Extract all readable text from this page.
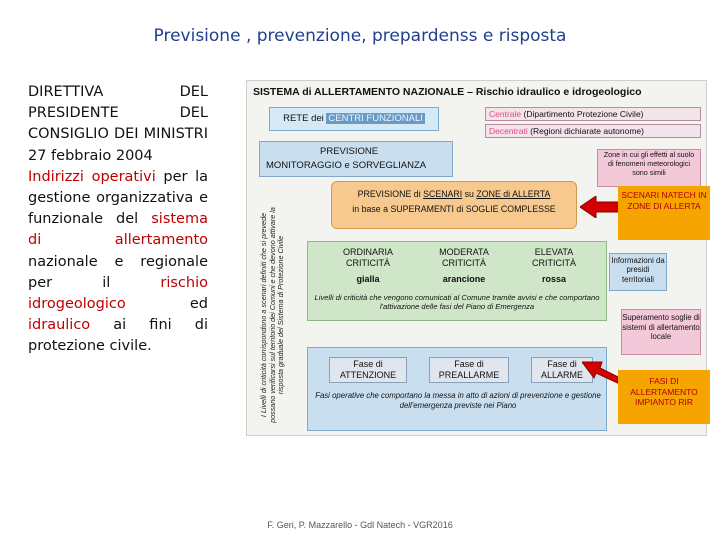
Previsione , prevenzione, prepardenss e risposta
DIRETTIVA DEL PRESIDENTE DEL CONSIGLIO DEI MINISTRI 27 febbraio 2004
Indirizzi operativi per la gestione organizzativa e funzionale del sistema di allertamento nazionale e regionale per il rischio idrogeologico ed idraulico ai fini di protezione civile.
SISTEMA di ALLERTAMENTO NAZIONALE – Rischio idraulico e idrogeologico
RETE dei CENTRI FUNZIONALI	Centrale (Dipartimento Protezione Civile)
Decentrati (Regioni dichiarate autonome)
PREVISIONE
MONITORAGGIO e SORVEGLIANZA
Zone in cui gli effetti al suolo di fenomeni meteorologici sono simili
PREVISIONE di SCENARI su ZONE di ALLERTA
in base a SUPERAMENTI di SOGLIE COMPLESSE
ORDINARIA CRITICITÀ
gialla
MODERATA CRITICITÀ
arancione
ELEVATA CRITICITÀ
rossa
Livelli di criticità che vengono comunicati al Comune tramite avvisi e che comportano l'attivazione delle fasi del Piano di Emergenza
Informazioni da presidi territoriali
Superamento soglie di sistemi di allertamento locale
Fase di ATTENZIONE
Fase di PREALLARME
Fase di ALLARME
Fasi operative che comportano la messa in atto di azioni di prevenzione e gestione dell'emergenza previste nei Piano
I Livelli di criticità corrispondono a scenari definiti che si prevede possano verificarsi sul territorio dei Comuni e che devono attivare la risposta graduale del Sistema di Protezione Civile
SCENARI NATECH IN ZONE DI ALLERTA
FASI DI ALLERTAMENTO IMPIANTO RIR
F. Geri, P. Mazzarello - Gdl Natech - VGR2016
